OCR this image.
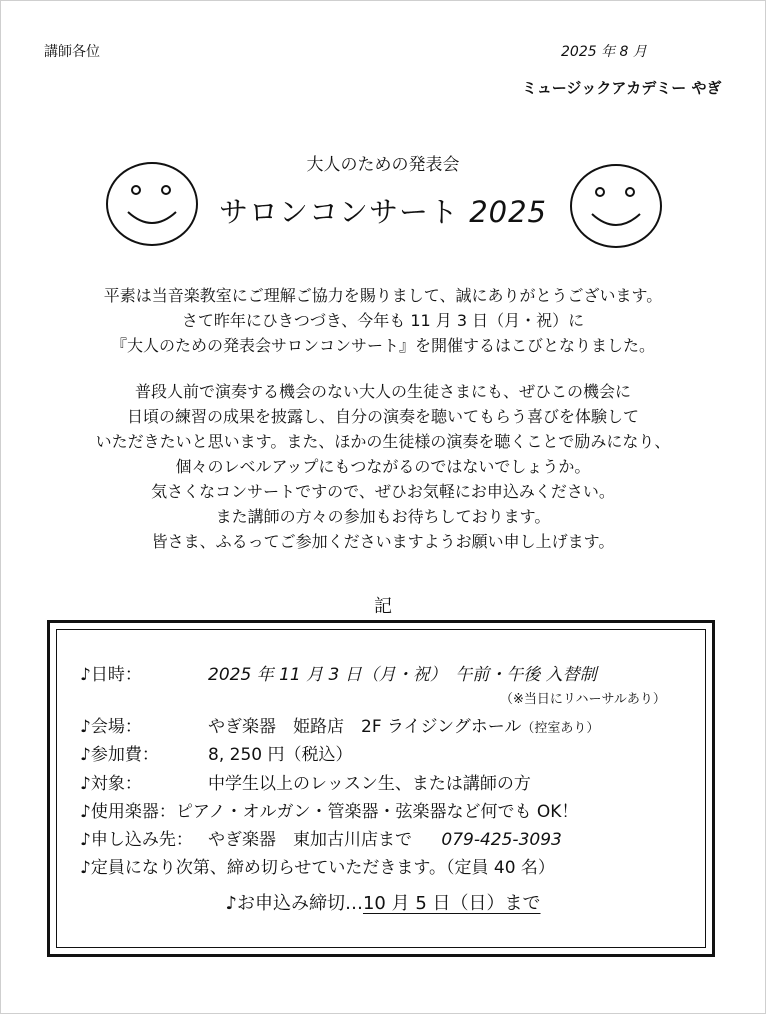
講師各位	2025 年 8 月
ミュージックアカデミー やぎ
大人のための発表会
サロンコンサート 2025
平素は当音楽教室にご理解ご協力を賜りまして、誠にありがとうございます。
さて昨年にひきつづき、今年も 11 月 3 日（月・祝）に
『大人のための発表会サロンコンサート』を開催するはこびとなりました。
普段人前で演奏する機会のない大人の生徒さまにも、ぜひこの機会に
日頃の練習の成果を披露し、自分の演奏を聴いてもらう喜びを体験して
いただきたいと思います。また、ほかの生徒様の演奏を聴くことで励みになり、
個々のレベルアップにもつながるのではないでしょうか。
気さくなコンサートですので、ぜひお気軽にお申込みください。
また講師の方々の参加もお待ちしております。
皆さま、ふるってご参加くださいますようお願い申し上げます。
記
♪日時：	2025 年 11 月 3 日（月・祝）　午前・午後 入替制
（※当日にリハーサルあり）
♪会場：	やぎ楽器　姫路店　2F ライジングホール（控室あり）
♪参加費：	8, 250 円（税込）
♪対象：	中学生以上のレッスン生、または講師の方
♪使用楽器：ピアノ・オルガン・管楽器・弦楽器など何でも OK！
♪申し込み先： やぎ楽器　東加古川店まで 079-425-3093
♪定員になり次第、締め切らせていただきます。（定員 40 名）
♪お申込み締切…10 月 5 日（日）まで
